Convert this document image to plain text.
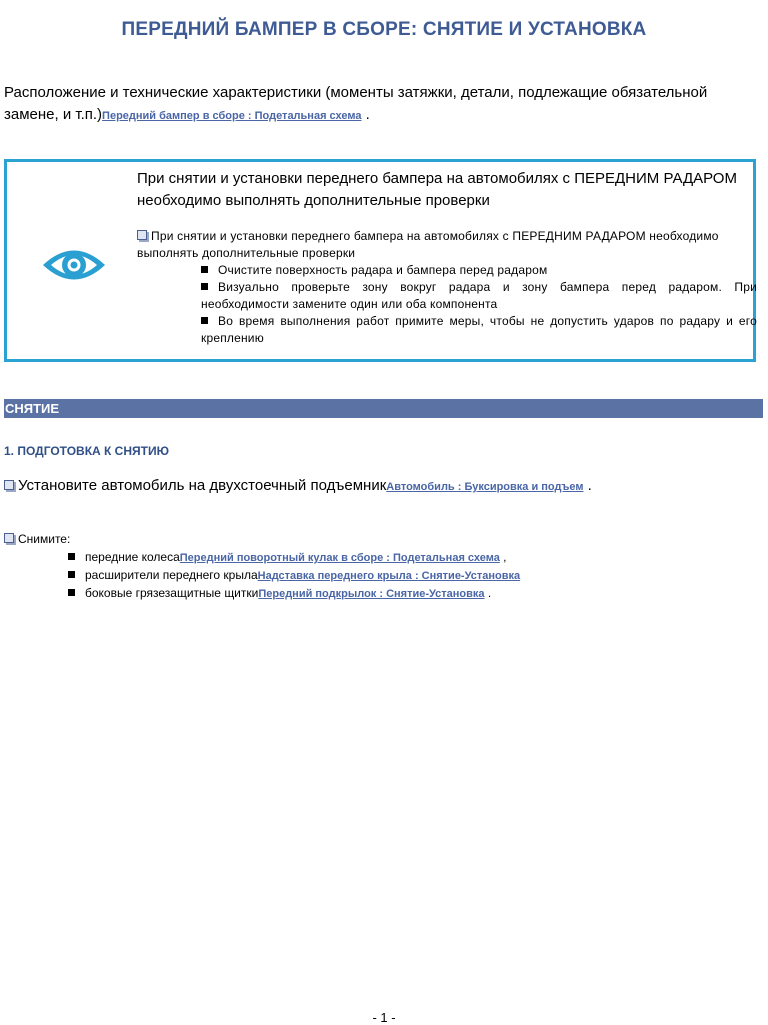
ПЕРЕДНИЙ БАМПЕР В СБОРЕ: СНЯТИЕ И УСТАНОВКА
Расположение и технические характеристики (моменты затяжки, детали, подлежащие обязательной замене, и т.п.)Передний бампер в сборе : Подетальная схема .
При снятии и установки переднего бампера на автомобилях с ПЕРЕДНИМ РАДАРОМ необходимо выполнять дополнительные проверки
При снятии и установки переднего бампера на автомобилях с ПЕРЕДНИМ РАДАРОМ необходимо выполнять дополнительные проверки
Очистите поверхность радара и бампера перед радаром
Визуально проверьте зону вокруг радара и зону бампера перед радаром. При необходимости замените один или оба компонента
Во время выполнения работ примите меры, чтобы не допустить ударов по радару и его креплению
СНЯТИЕ
1. ПОДГОТОВКА К СНЯТИЮ
Установите автомобиль на двухстоечный подъемникАвтомобиль : Буксировка и подъем .
Снимите:
передние колесаПередний поворотный кулак в сборе : Подетальная схема ,
расширители переднего крылаНадставка переднего крыла : Снятие-Установка
боковые грязезащитные щиткиПередний подкрылок : Снятие-Установка .
- 1 -
